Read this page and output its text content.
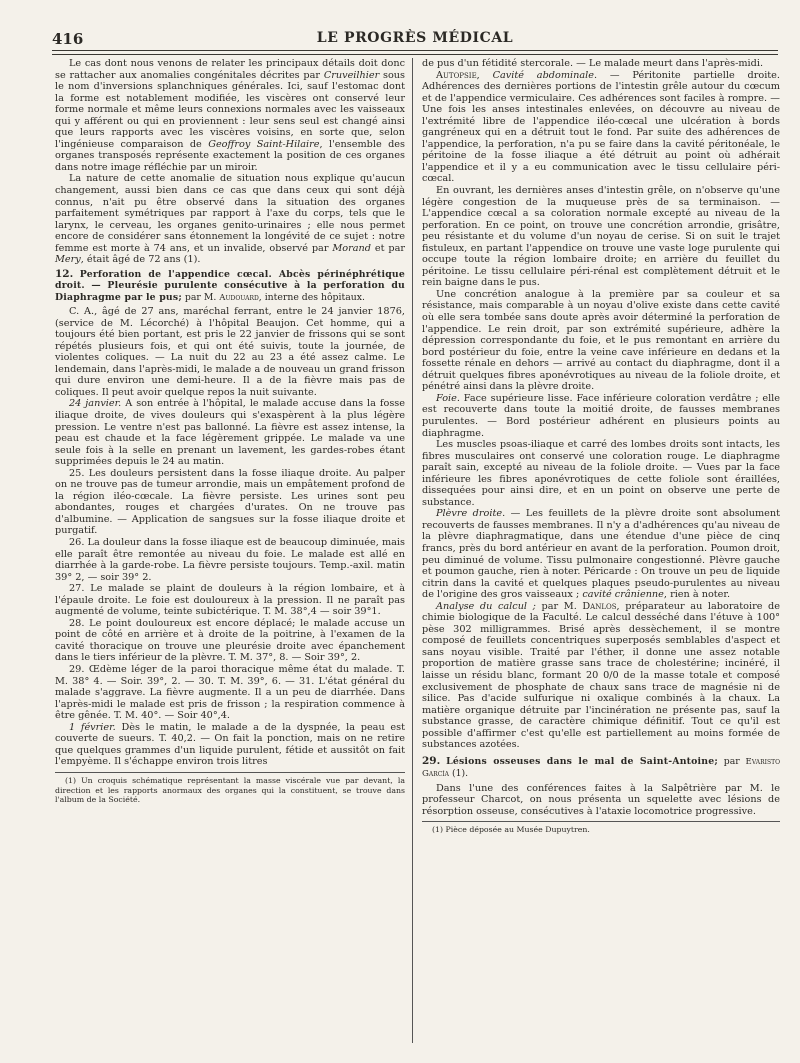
416	LE PROGRÈS MÉDICAL

Le cas dont nous venons de relater les principaux détails doit donc se rattacher aux anomalies congénitales décrites par Cruveilhier sous le nom d'inversions splanchniques générales. Ici, sauf l'estomac dont la forme est notablement modifiée, les viscères ont conservé leur forme normale et même leurs connexions normales avec les vaisseaux qui y afférent ou qui en proviennent : leur sens seul est changé ainsi que leurs rapports avec les viscères voisins, en sorte que, selon l'ingénieuse comparaison de Geoffroy Saint-Hilaire, l'ensemble des organes transposés représente exactement la position de ces organes dans notre image réfléchie par un miroir.

La nature de cette anomalie de situation nous explique qu'aucun changement, aussi bien dans ce cas que dans ceux qui sont déjà connus, n'ait pu être observé dans la situation des organes parfaitement symétriques par rapport à l'axe du corps, tels que le larynx, le cerveau, les organes genito-urinaires ; elle nous permet encore de considérer sans étonnement la longévité de ce sujet : notre femme est morte à 74 ans, et un invalide, observé par Morand et par Mery, était âgé de 72 ans (1).

12. Perforation de l'appendice cœcal. Abcès périnéphrétique droit. — Pleurésie purulente consécutive à la perforation du Diaphragme par le pus; par M. Audouard, interne des hôpitaux.

C. A., âgé de 27 ans, maréchal ferrant, entre le 24 janvier 1876, (service de M. Lécorché) à l'hôpital Beaujon. Cet homme, qui a toujours été bien portant, est pris le 22 janvier de frissons qui se sont répétés plusieurs fois, et qui ont été suivis, toute la journée, de violentes coliques. — La nuit du 22 au 23 a été assez calme. Le lendemain, dans l'après-midi, le malade a de nouveau un grand frisson qui dure environ une demi-heure. Il a de la fièvre mais pas de coliques. Il peut avoir quelque repos la nuit suivante.

24 janvier. A son entrée à l'hôpital, le malade accuse dans la fosse iliaque droite, de vives douleurs qui s'exaspèrent à la plus légère pression. Le ventre n'est pas ballonné. La fièvre est assez intense, la peau est chaude et la face légèrement grippée. Le malade va une seule fois à la selle en prenant un lavement, les gardes-robes étant supprimées depuis le 24 au matin.

25. Les douleurs persistent dans la fosse iliaque droite. Au palper on ne trouve pas de tumeur arrondie, mais un empâtement profond de la région iléo-cœcale. La fièvre persiste. Les urines sont peu abondantes, rouges et chargées d'urates. On ne trouve pas d'albumine. — Application de sangsues sur la fosse iliaque droite et purgatif.

26. La douleur dans la fosse iliaque est de beaucoup diminuée, mais elle paraît être remontée au niveau du foie. Le malade est allé en diarrhée à la garde-robe. La fièvre persiste toujours. Temp.-axil. matin 39° 2, — soir 39° 2.

27. Le malade se plaint de douleurs à la région lombaire, et à l'épaule droite. Le foie est douloureux à la pression. Il ne paraît pas augmenté de volume, teinte subictérique. T. M. 38°,4 — soir 39°1.

28. Le point douloureux est encore déplacé; le malade accuse un point de côté en arrière et à droite de la poitrine, à l'examen de la cavité thoracique on trouve une pleurésie droite avec épanchement dans le tiers inférieur de la plèvre. T. M. 37°, 8. — Soir 39°, 2.

29. Œdème léger de la paroi thoracique même état du malade. T. M. 38° 4. — Soir. 39°, 2. — 30. T. M. 39°, 6. — 31. L'état général du malade s'aggrave. La fièvre augmente. Il a un peu de diarrhée. Dans l'après-midi le malade est pris de frisson ; la respiration commence à être gênée. T. M. 40°. — Soir 40°,4.

1 février. Dès le matin, le malade a de la dyspnée, la peau est couverte de sueurs. T. 40,2. — On fait la ponction, mais on ne retire que quelques grammes d'un liquide purulent, fétide et aussitôt on fait l'empyème. Il s'échappe environ trois litres

(1) Un croquis schématique représentant la masse viscérale vue par devant, la direction et les rapports anormaux des organes qui la constituent, se trouve dans l'album de la Société.

de pus d'un fétidité stercorale. — Le malade meurt dans l'après-midi.

Autopsie, Cavité abdominale. — Péritonite partielle droite. Adhérences des dernières portions de l'intestin grêle autour du cœcum et de l'appendice vermiculaire. Ces adhérences sont faciles à rompre. — Une fois les anses intestinales enlevées, on découvre au niveau de l'extrémité libre de l'appendice iléo-cœcal une ulcération à bords gangréneux qui en a détruit tout le fond. Par suite des adhérences de l'appendice, la perforation, n'a pu se faire dans la cavité péritonéale, le péritoine de la fosse iliaque a été détruit au point où adhérait l'appendice et il y a eu communication avec le tissu cellulaire péri-cœcal.

En ouvrant, les dernières anses d'intestin grêle, on n'observe qu'une légère congestion de la muqueuse près de sa terminaison. — L'appendice cœcal a sa coloration normale excepté au niveau de la perforation. En ce point, on trouve une concrétion arrondie, grisâtre, peu résistante et du volume d'un noyau de cerise. Si on suit le trajet fistuleux, en partant l'appendice on trouve une vaste loge purulente qui occupe toute la région lombaire droite; en arrière du feuillet du péritoine. Le tissu cellulaire péri-rénal est complètement détruit et le rein baigne dans le pus.

Une concrétion analogue à la première par sa couleur et sa résistance, mais comparable à un noyau d'olive existe dans cette cavité où elle sera tombée sans doute après avoir déterminé la perforation de l'appendice. Le rein droit, par son extrémité supérieure, adhère la dépression correspondante du foie, et le pus remontant en arrière du bord postérieur du foie, entre la veine cave inférieure en dedans et la fossette rénale en dehors — arrivé au contact du diaphragme, dont il a détruit quelques fibres aponévrotiques au niveau de la foliole droite, et pénétré ainsi dans la plèvre droite.

Foie. Face supérieure lisse. Face inférieure coloration verdâtre ; elle est recouverte dans toute la moitié droite, de fausses membranes purulentes. — Bord postérieur adhérent en plusieurs points au diaphragme.

Les muscles psoas-iliaque et carré des lombes droits sont intacts, les fibres musculaires ont conservé une coloration rouge. Le diaphragme paraît sain, excepté au niveau de la foliole droite. — Vues par la face inférieure les fibres aponévrotiques de cette foliole sont éraillées, dissequées pour ainsi dire, et en un point on observe une perte de substance.

Plèvre droite. — Les feuillets de la plèvre droite sont absolument recouverts de fausses membranes. Il n'y a d'adhérences qu'au niveau de la plèvre diaphragmatique, dans une étendue d'une pièce de cinq francs, près du bord antérieur en avant de la perforation. Poumon droit, peu diminué de volume. Tissu pulmonaire congestionné. Plèvre gauche et poumon gauche, rien à noter. Péricarde : On trouve un peu de liquide citrin dans la cavité et quelques plaques pseudo-purulentes au niveau de l'origine des gros vaisseaux ; cavité crânienne, rien à noter.

Analyse du calcul ; par M. Danlos, préparateur au laboratoire de chimie biologique de la Faculté. Le calcul desséché dans l'étuve à 100° pèse 302 milligrammes. Brisé après dessèchement, il se montre composé de feuillets concentriques superposés semblables d'aspect et sans noyau visible. Traité par l'éther, il donne une assez notable proportion de matière grasse sans trace de cholestérine; incinéré, il laisse un résidu blanc, formant 20 0/0 de la masse totale et composé exclusivement de phosphate de chaux sans trace de magnésie ni de silice. Pas d'acide sulfurique ni oxalique combinés à la chaux. La matière organique détruite par l'incinération ne présente pas, sauf la substance grasse, de caractère chimique définitif. Tout ce qu'il est possible d'affirmer c'est qu'elle est partiellement au moins formée de substances azotées.

29. Lésions osseuses dans le mal de Saint-Antoine; par Evaristo García (1).

Dans l'une des conférences faites à la Salpêtrière par M. le professeur Charcot, on nous présenta un squelette avec lésions de résorption osseuse, consécutives à l'ataxie locomotrice progressive.

(1) Pièce déposée au Musée Dupuytren.
